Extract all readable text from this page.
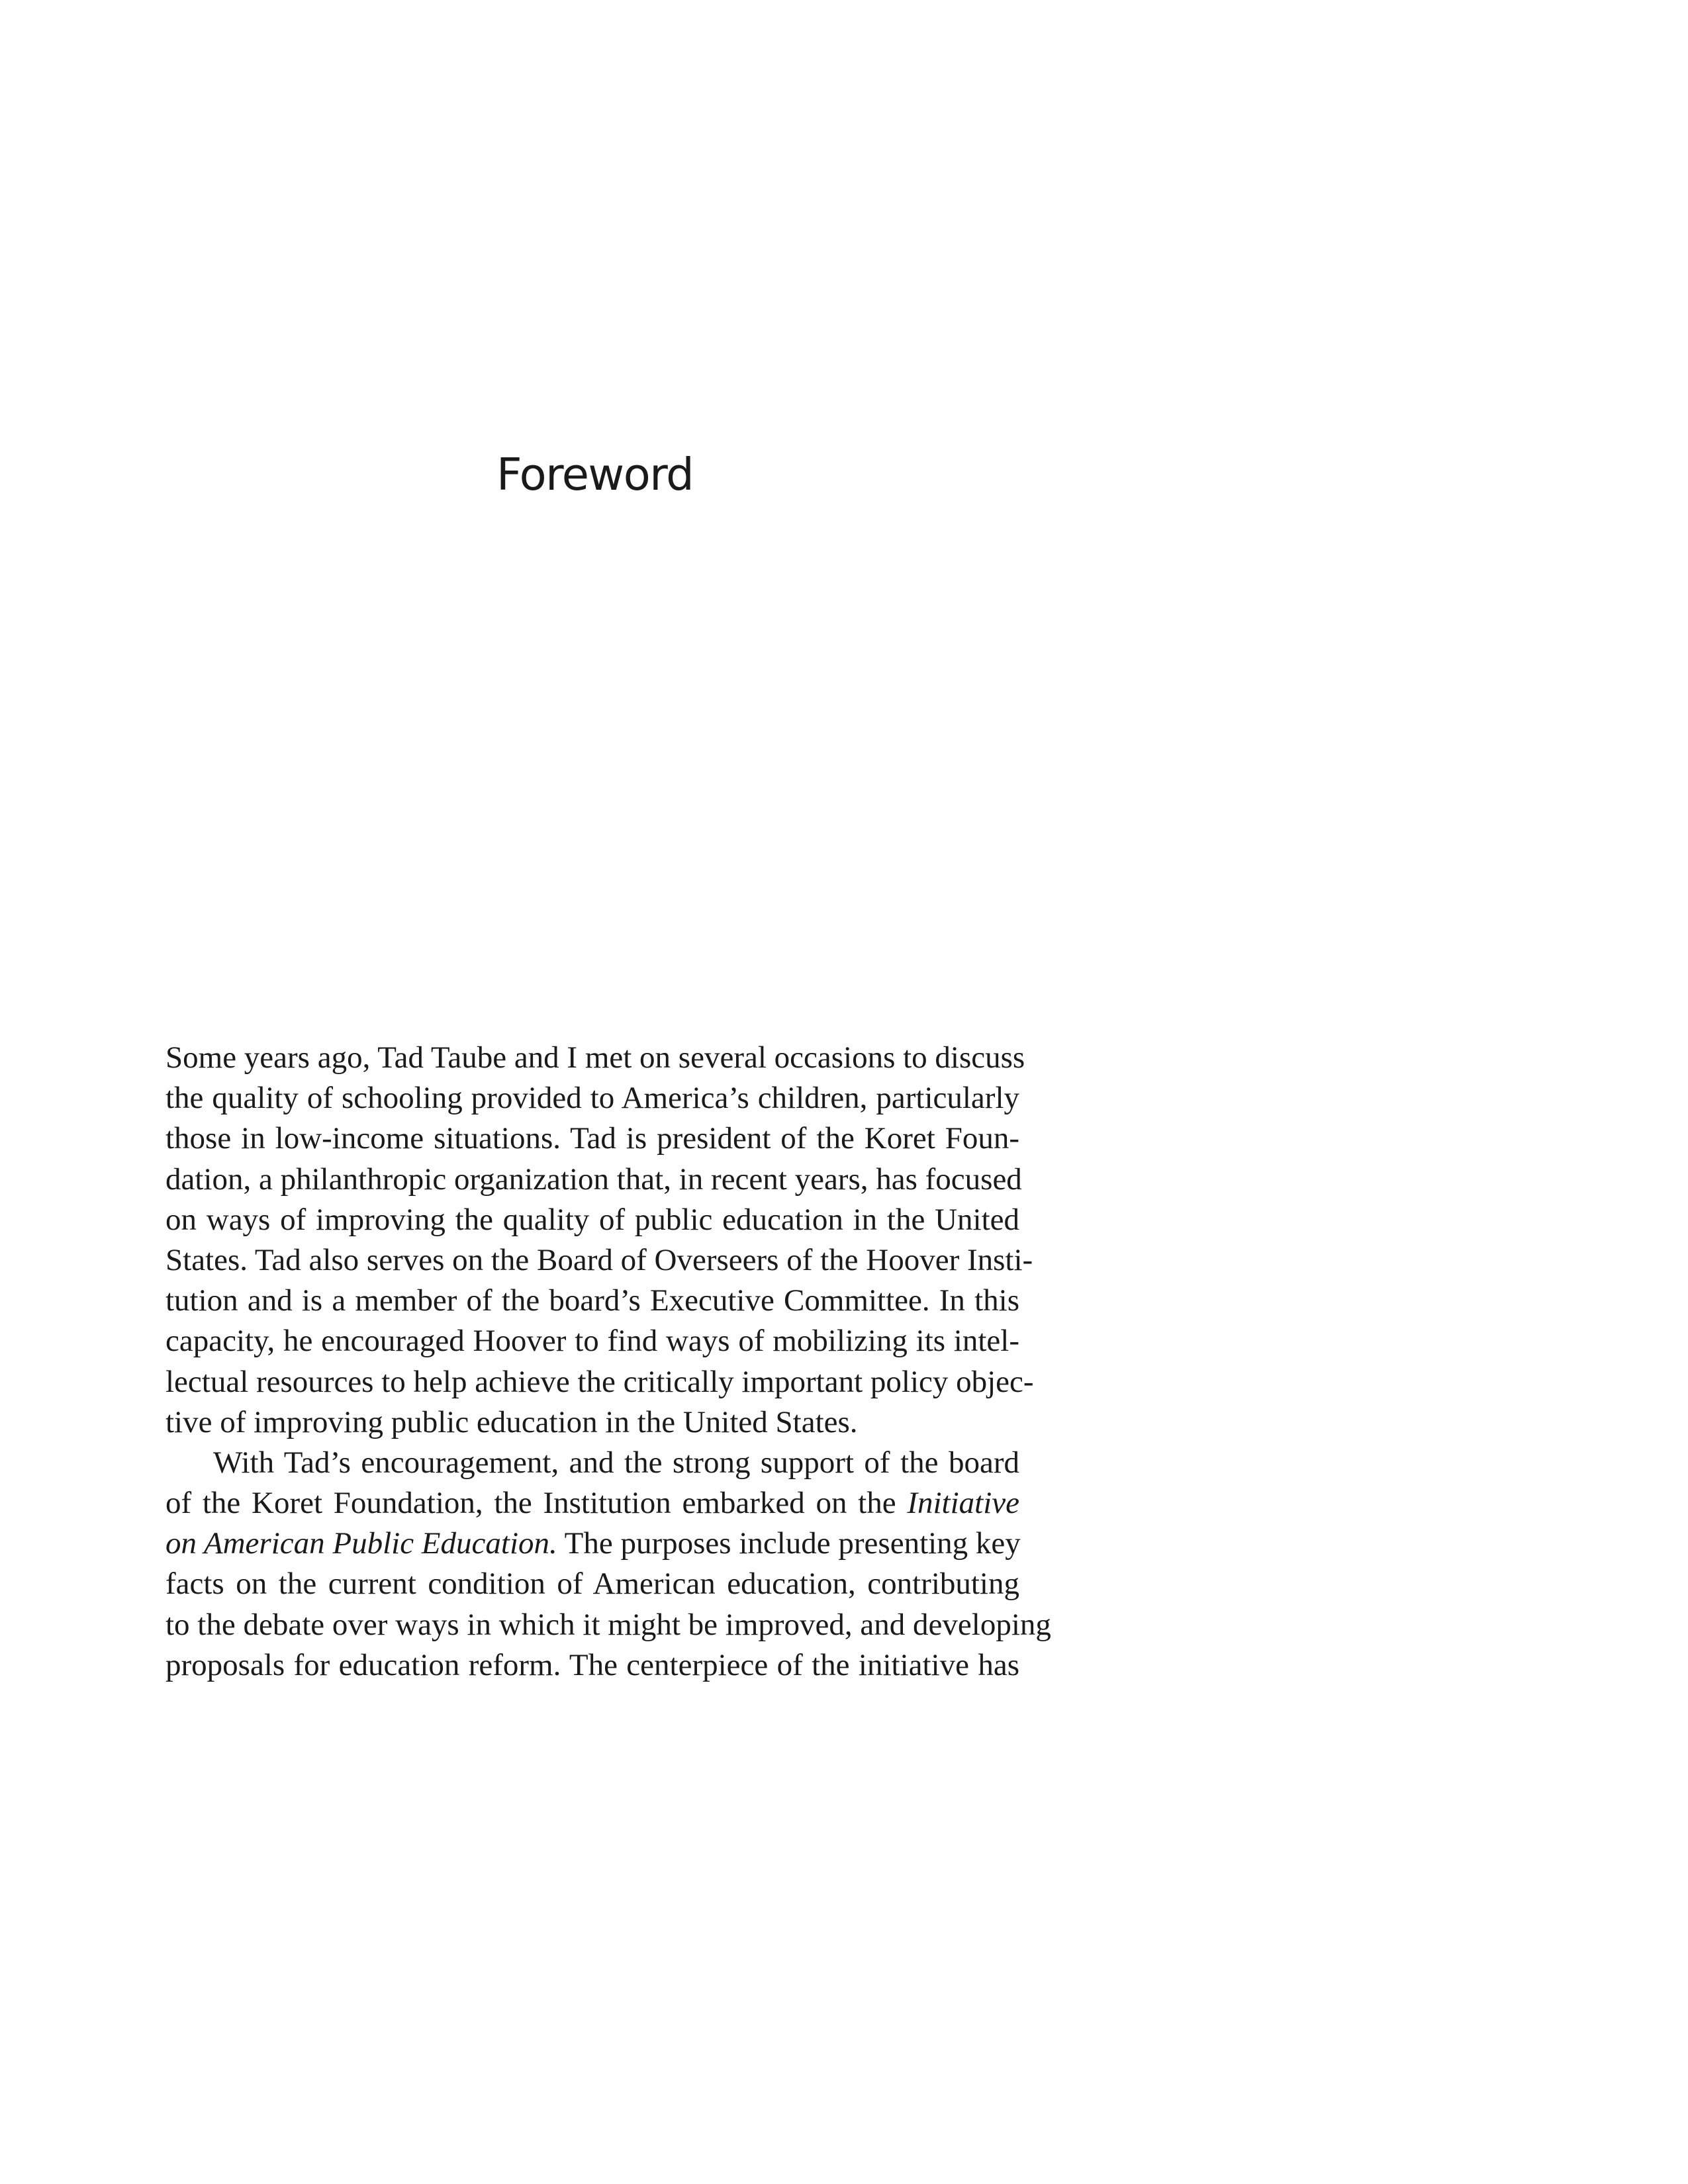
Foreword
Some years ago, Tad Taube and I met on several occasions to discuss
the quality of schooling provided to America’s children, particularly
those in low-income situations. Tad is president of the Koret Foun-
dation, a philanthropic organization that, in recent years, has focused
on ways of improving the quality of public education in the United
States. Tad also serves on the Board of Overseers of the Hoover Insti-
tution and is a member of the board’s Executive Committee. In this
capacity, he encouraged Hoover to find ways of mobilizing its intel-
lectual resources to help achieve the critically important policy objec-
tive of improving public education in the United States.
With Tad’s encouragement, and the strong support of the board
of the Koret Foundation, the Institution embarked on the Initiative
on American Public Education. The purposes include presenting key
facts on the current condition of American education, contributing
to the debate over ways in which it might be improved, and developing
proposals for education reform. The centerpiece of the initiative has
